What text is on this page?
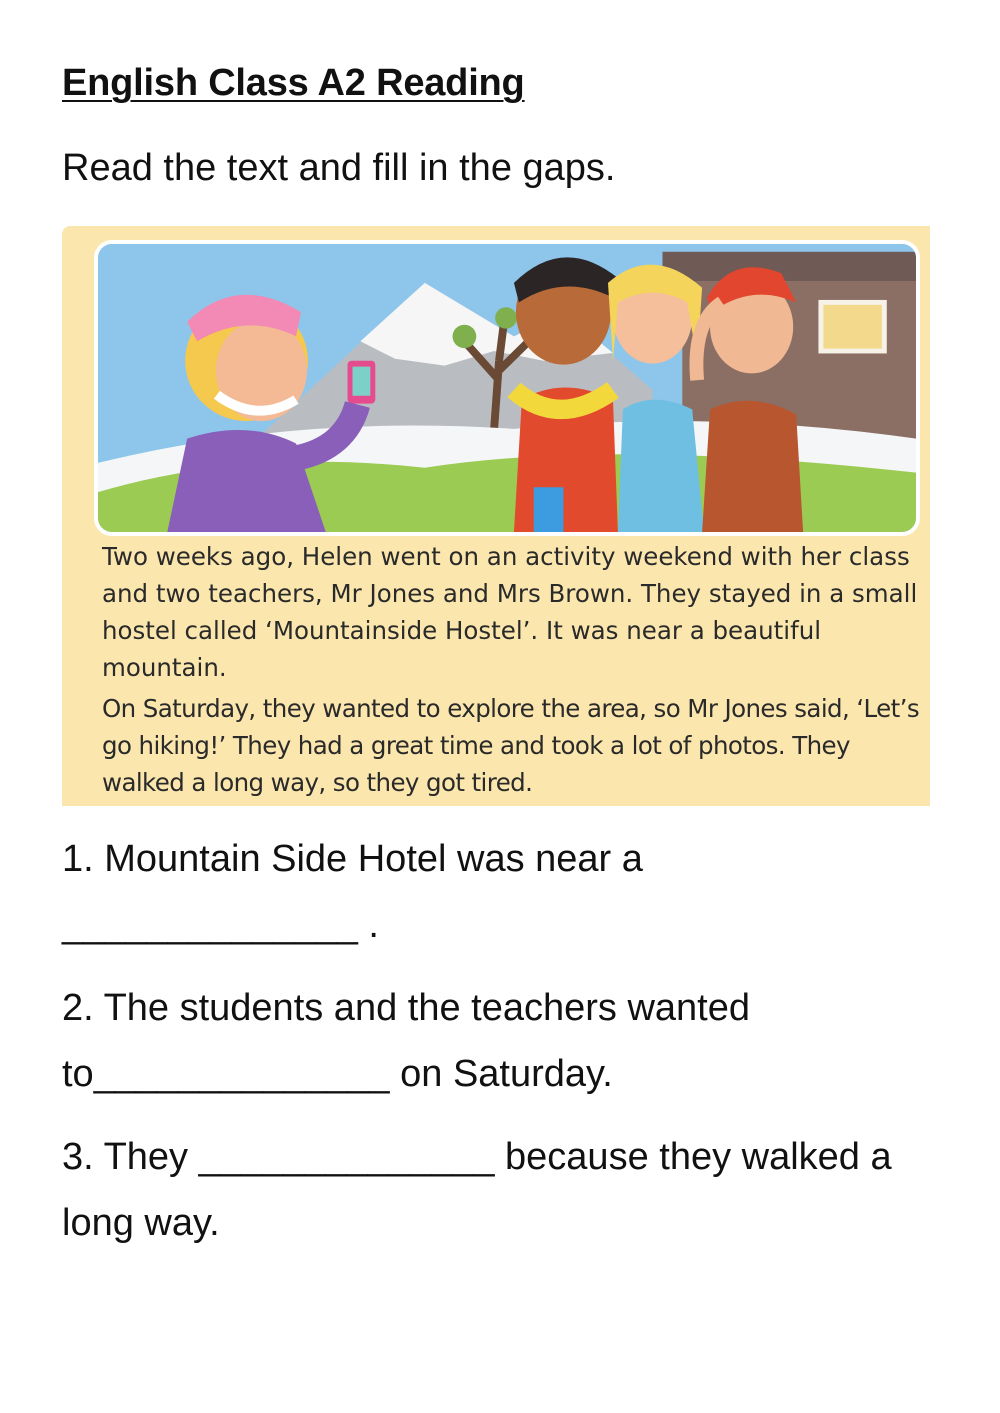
English Class A2 Reading

Read the text and fill in the gaps.

Two weeks ago, Helen went on an activity weekend with her class and two teachers, Mr Jones and Mrs Brown. They stayed in a small hostel called ‘Mountainside Hostel’. It was near a beautiful mountain.

On Saturday, they wanted to explore the area, so Mr Jones said, ‘Let’s go hiking!’ They had a great time and took a lot of photos. They walked a long way, so they got tired.

1. Mountain Side Hotel was near a ______________ .

2. The students and the teachers wanted to______________ on Saturday.

3. They ______________ because they walked a long way.
